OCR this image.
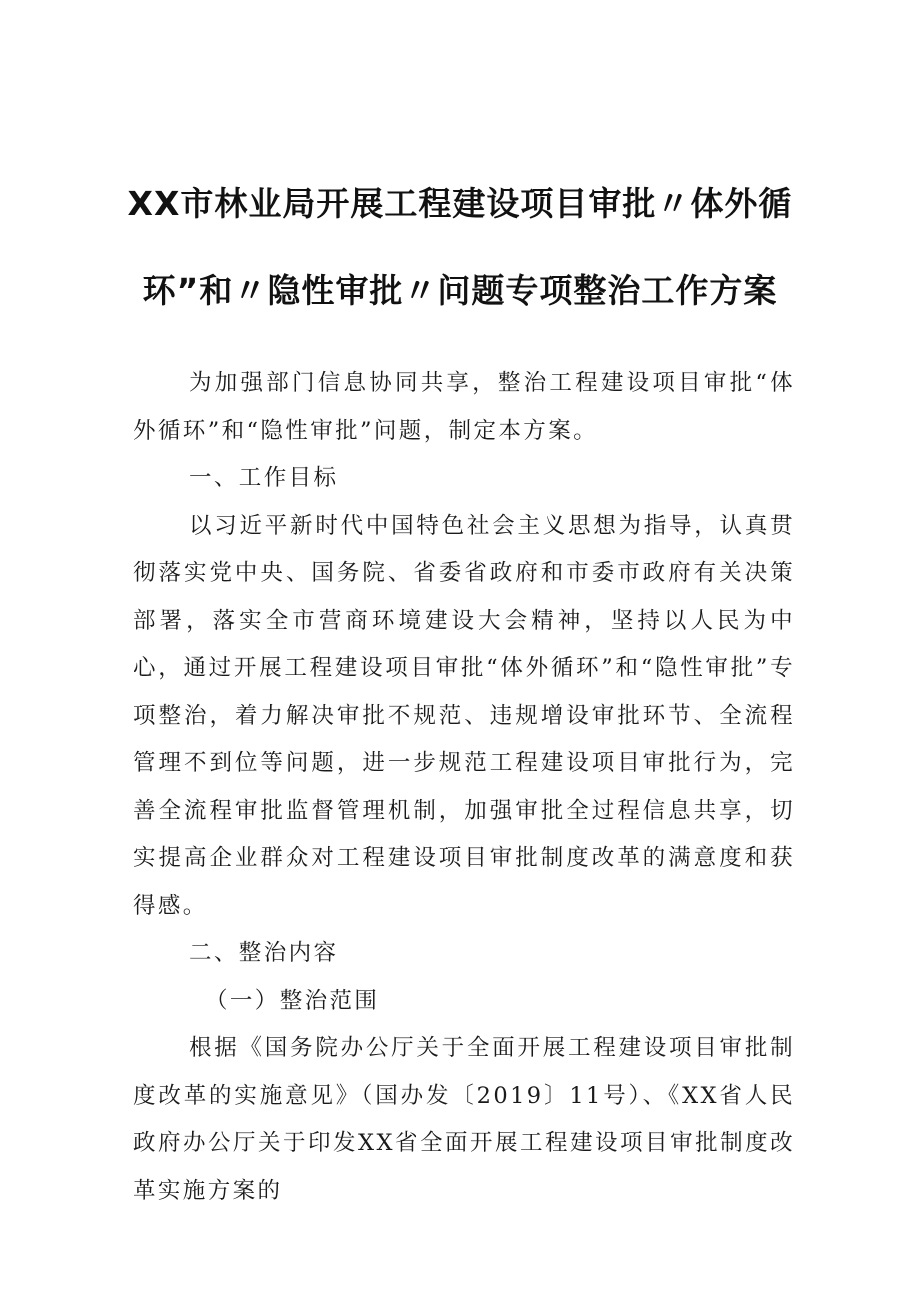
XX市林业局开展工程建设项目审批〃体外循
环”和〃隐性审批〃问题专项整治工作方案

为加强部门信息协同共享，整治工程建设项目审批“体外循环”和“隐性审批”问题，制定本方案。

一、工作目标

以习近平新时代中国特色社会主义思想为指导，认真贯彻落实党中央、国务院、省委省政府和市委市政府有关决策部署，落实全市营商环境建设大会精神，坚持以人民为中心，通过开展工程建设项目审批“体外循环”和“隐性审批”专项整治，着力解决审批不规范、违规增设审批环节、全流程管理不到位等问题，进一步规范工程建设项目审批行为，完善全流程审批监督管理机制，加强审批全过程信息共享，切实提高企业群众对工程建设项目审批制度改革的满意度和获得感。

二、整治内容

（一）整治范围

根据《国务院办公厅关于全面开展工程建设项目审批制度改革的实施意见》（国办发〔2019〕11号）、《XX省人民政府办公厅关于印发XX省全面开展工程建设项目审批制度改革实施方案的
